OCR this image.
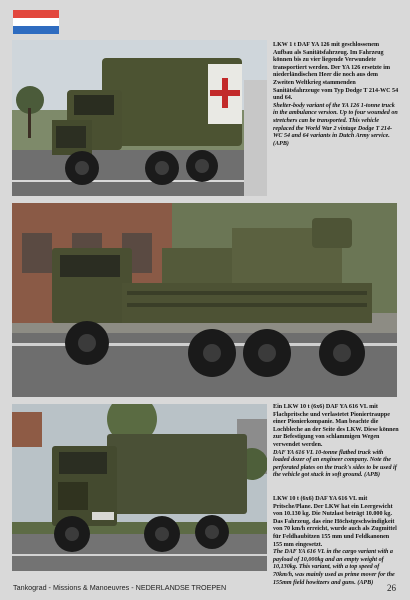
LKW 1 t DAF YA 126 mit geschlossenem Aufbau als Sanitätsfahrzeug. Im Fahrzeug können bis zu vier liegende Verwundete transportiert werden. Der YA 126 ersetzte im niederländischen Heer die noch aus dem Zweiten Weltkrieg stammenden Sanitätsfahrzeuge vom Typ Dodge T 214-WC 54 und 64.

Shelter-body variant of the YA 126 1-tonne truck in the ambulance version. Up to four wounded on stretchers can be transported. This vehicle replaced the World War 2 vintage Dodge T 214-WC 54 and 64 variants in Dutch Army service. (APB)

Ein LKW 10 t (6x6) DAF YA 616 VL mit Flachpritsche und verlastetet Pioniertrauppe einer Pionierkompanie. Man beachte die Lochbleche an der Seite des LKW. Diese können zur Befestigung von schlammigen Wegen verwendet werden.

DAF YA 616 VL 10-tonne flatbed truck with loaded dozer of an engineer company. Note the perforated plates on the truck's sides to be used if the vehicle got stuck in soft ground. (APB)

LKW 10 t (6x6) DAF YA 616 VL mit Pritsche/Plane. Der LKW hat ein Leergewicht von 10.130 kg. Die Nutzlast beträgt 10.000 kg. Das Fahrzeug, das eine Höchstgeschwindigkeit von 70 km/h erreicht, wurde auch als Zugmittel für Feldhaubitzen 155 mm und Feldkanonen 155 mm eingesetzt.

The DAF YA 616 VL in the cargo variant with a payload of 10,000kg and an empty weight of 10,130kg. This variant, with a top speed of 70km/h, was mainly used as prime mover for the 155mm field howitzers and guns. (APB)

Tankograd - Missions & Manoeuvres - NEDERLANDSE TROEPEN	26
